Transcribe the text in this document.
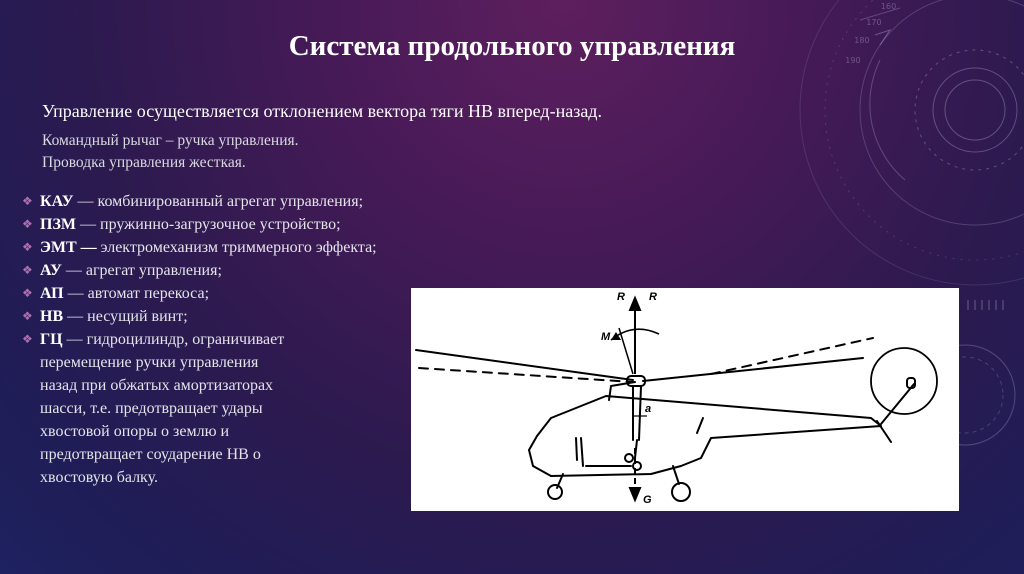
190
180
170
160
Система продольного управления
Управление осуществляется отклонением вектора тяги НВ вперед-назад.
Командный рычаг – ручка управления.
Проводка управления жесткая.
❖ КАУ — комбинированный агрегат управления;
❖ ПЗМ — пружинно-загрузочное устройство;
❖ ЭМТ — электромеханизм триммерного эффекта;
❖ АУ — агрегат управления;
❖ АП — автомат перекоса;
❖ НВ — несущий винт;
❖ ГЦ — гидроцилиндр, ограничивает
перемещение ручки управления
назад при обжатых амортизаторах
шасси, т.е. предотвращает удары
хвостовой опоры о землю и
предотвращает соударение НВ о
хвостовую балку.
R R
M
a
G
